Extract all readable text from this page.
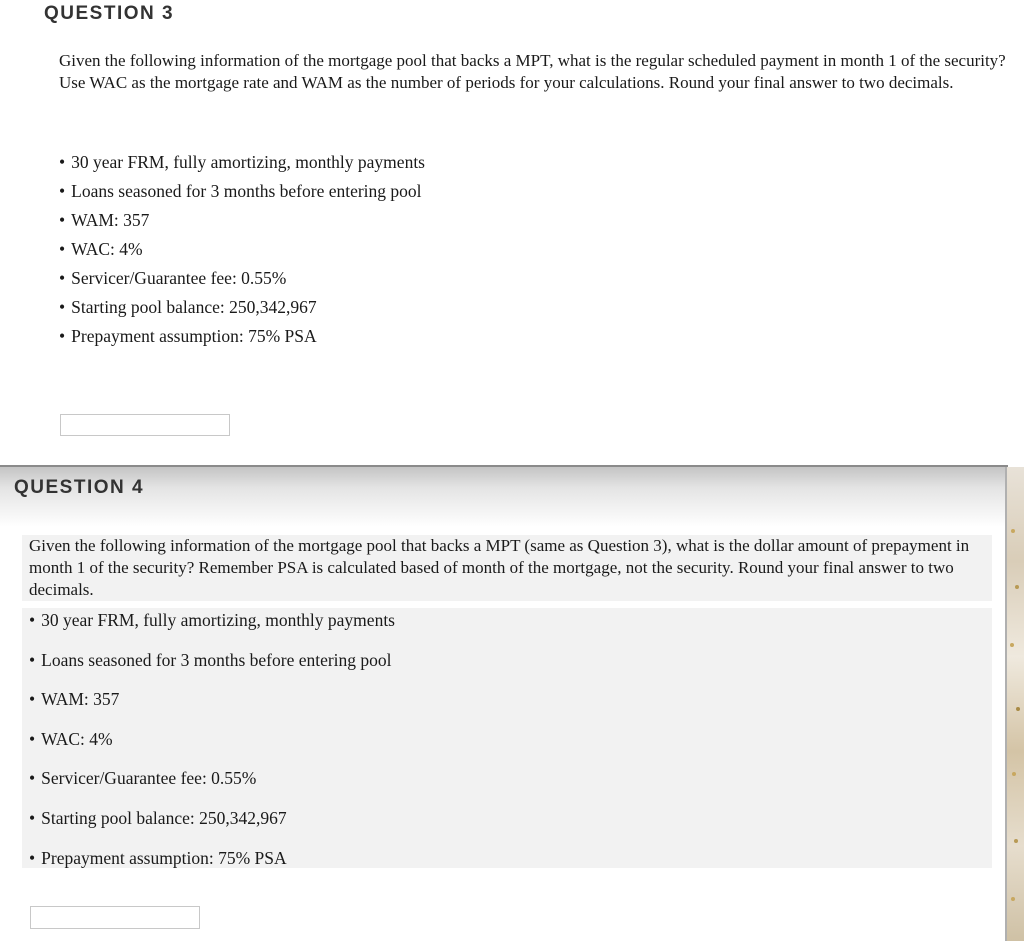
QUESTION 3

Given the following information of the mortgage pool that backs a MPT, what is the regular scheduled payment in month 1 of the security? Use WAC as the mortgage rate and WAM as the number of periods for your calculations. Round your final answer to two decimals.

• 30 year FRM, fully amortizing, monthly payments
• Loans seasoned for 3 months before entering pool
• WAM: 357
• WAC: 4%
• Servicer/Guarantee fee: 0.55%
• Starting pool balance: 250,342,967
• Prepayment assumption: 75% PSA
QUESTION 4

Given the following information of the mortgage pool that backs a MPT (same as Question 3), what is the dollar amount of prepayment in month 1 of the security? Remember PSA is calculated based of month of the mortgage, not the security. Round your final answer to two decimals.

• 30 year FRM, fully amortizing, monthly payments
• Loans seasoned for 3 months before entering pool
• WAM: 357
• WAC: 4%
• Servicer/Guarantee fee: 0.55%
• Starting pool balance: 250,342,967
• Prepayment assumption: 75% PSA
